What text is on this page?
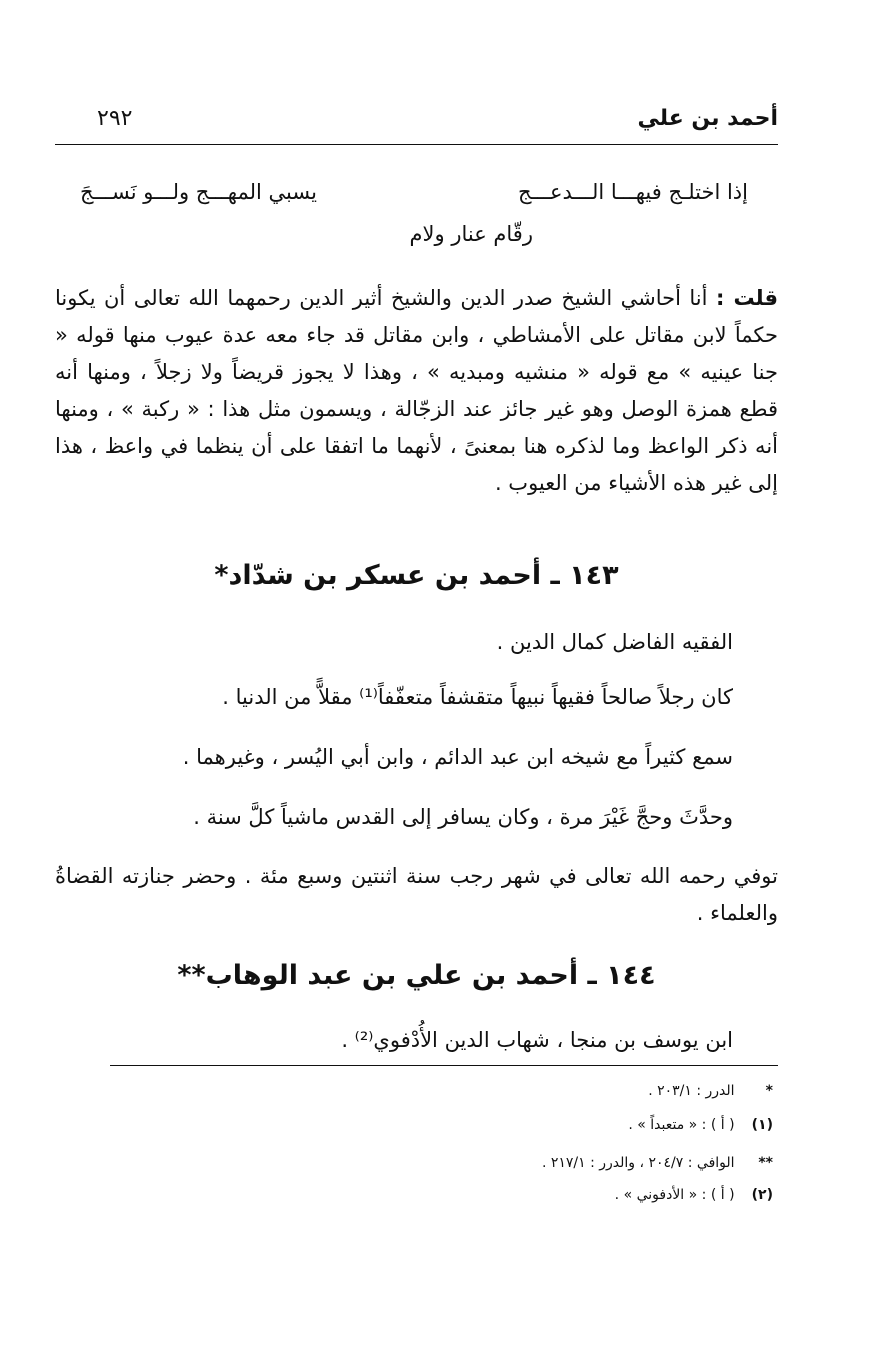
أحمد بن علي
٢٩٢
إذا اختلـج فيهـــا الـــدعـــج
يسبي المهـــج ولـــو نَســـجَ
رقّام عنار ولام
قلت : أنا أحاشي الشيخ صدر الدين والشيخ أثير الدين رحمهما الله تعالى أن يكونا حكماً لابن مقاتل على الأمشاطي ، وابن مقاتل قد جاء معه عدة عيوب منها قوله « جنا عينيه » مع قوله « منشيه ومبديه » ، وهذا لا يجوز قريضاً ولا زجلاً ، ومنها أنه قطع همزة الوصل وهو غير جائز عند الزجّالة ، ويسمون مثل هذا : « ركبة » ، ومنها أنه ذكر الواعظ وما لذكره هنا بمعنىً ، لأنهما ما اتفقا على أن ينظما في واعظ ، هذا إلى غير هذه الأشياء من العيوب .
١٤٣ ـ أحمد بن عسكر بن شدّاد*
الفقيه الفاضل كمال الدين .
كان رجلاً صالحاً فقيهاً نبيهاً متقشفاً متعفّفاً⁽¹⁾ مقلاًّ من الدنيا .
سمع كثيراً مع شيخه ابن عبد الدائم ، وابن أبي اليُسر ، وغيرهما .
وحدَّثَ وحجَّ غَيْرَ مرة ، وكان يسافر إلى القدس ماشياً كلَّ سنة .
توفي رحمه الله تعالى في شهر رجب سنة اثنتين وسبع مئة . وحضر جنازته القضاةُ والعلماء .
١٤٤ ـ أحمد بن علي بن عبد الوهاب**
ابن يوسف بن منجا ، شهاب الدين الأُدْفوي⁽²⁾ .
* الدرر : ٢٠٣/١ .
(١) ( أ ) : « متعبداً » .
** الوافي : ٢٠٤/٧ ، والدرر : ٢١٧/١ .
(٢) ( أ ) : « الأدفوني » .
